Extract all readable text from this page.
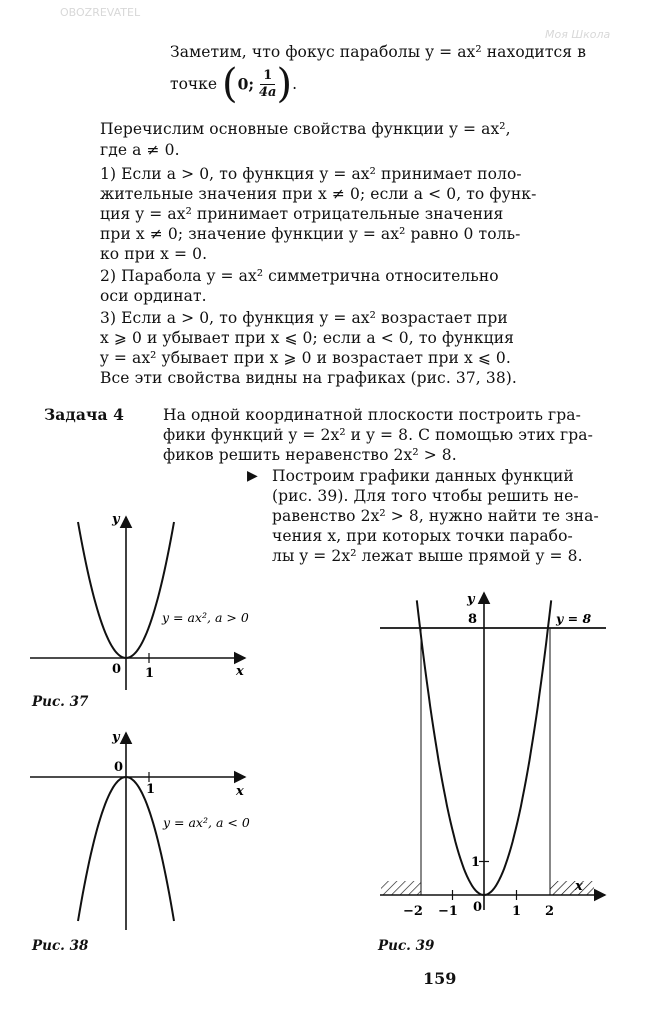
Заметим, что фокус параболы y = ax² находится в
точке (0; $\frac{1}{4a}$ ).
Перечислим основные свойства функции y = ax²,
где a ≠ 0.
1) Если a > 0, то функция y = ax² принимает поло-
жительные значения при x ≠ 0; если a < 0, то функ-
ция y = ax² принимает отрицательные значения
при x ≠ 0; значение функции y = ax² равно 0 толь-
ко при x = 0.
2) Парабола y = ax² симметрична относительно
оси ординат.
3) Если a > 0, то функция y = ax² возрастает при
x ⩾ 0 и убывает при x ⩽ 0; если a < 0, то функция
y = ax² убывает при x ⩾ 0 и возрастает при x ⩽ 0.
Все эти свойства видны на графиках (рис. 37, 38).
Задача 4	На одной координатной плоскости построить гра-
фики функций y = 2x² и y = 8. С помощью этих гра-
фиков решить неравенство 2x² > 8.
▶ Построим графики данных функций
(рис. 39). Для того чтобы решить не-
равенство 2x² > 8, нужно найти те зна-
чения x, при которых точки парабо-
лы y = 2x² лежат выше прямой y = 8.
y
x
0 1
y = ax², a > 0
Рис. 37
y
x
0
1
y = ax², a < 0
Рис. 38
y
x
8
1
0
−2 −1	1 2
y = 8
Рис. 39
159
OBOZREVATEL
Моя Школа
